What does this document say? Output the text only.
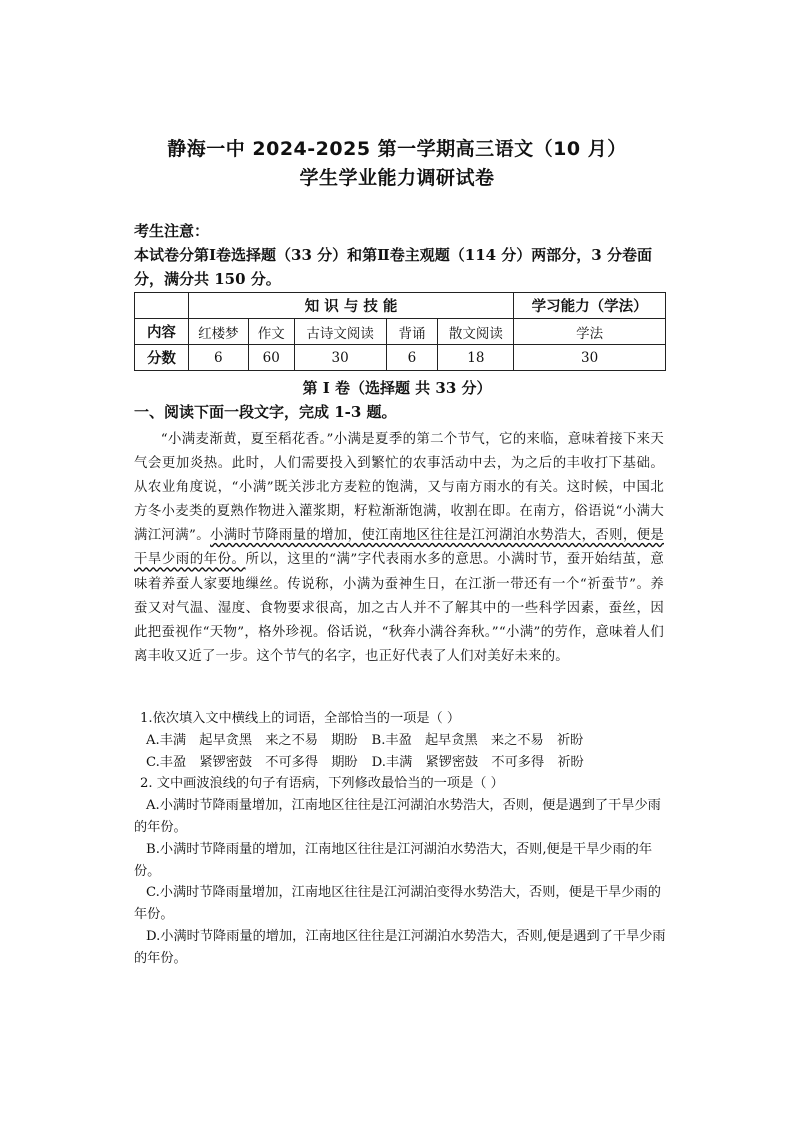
静海一中 2024-2025 第一学期高三语文（10 月）
学生学业能力调研试卷
考生注意：
本试卷分第Ⅰ卷选择题（33 分）和第Ⅱ卷主观题（114 分）两部分，3 分卷面分，满分共 150 分。
	知 识 与 技 能					学习能力（学法）
内容	红楼梦	作文	古诗文阅读	背诵	散文阅读	学法
分数	6	60	30	6	18	30
第 Ⅰ 卷（选择题 共 33 分）
一、阅读下面一段文字，完成 1-3 题。

“小满麦渐黄，夏至稻花香。”小满是夏季的第二个节气，它的来临，意味着接下来天气会更加炎热。此时，人们需要投入到繁忙的农事活动中去，为之后的丰收打下基础。从农业角度说，“小满”既关涉北方麦粒的饱满，又与南方雨水的有关。这时候，中国北方冬小麦类的夏熟作物进入灌浆期，籽粒渐渐饱满，收割在即。在南方，俗语说“小满大满江河满”。小满时节降雨量的增加，使江南地区往往是江河湖泊水势浩大，否则，便是干旱少雨的年份。所以，这里的“满”字代表雨水多的意思。小满时节，蚕开始结茧，意味着养蚕人家要地缫丝。传说称，小满为蚕神生日，在江浙一带还有一个“祈蚕节”。养蚕又对气温、湿度、食物要求很高，加之古人并不了解其中的一些科学因素，蚕丝，因此把蚕视作“天物”，格外珍视。俗话说，“秋奔小满谷奔秋。”“小满”的劳作，意味着人们离丰收又近了一步。这个节气的名字，也正好代表了人们对美好未来的。

1.依次填入文中横线上的词语，全部恰当的一项是（ ）
A.丰满　起早贪黑　来之不易　期盼 B.丰盈　起早贪黑　来之不易　祈盼
C.丰盈　紧锣密鼓　不可多得　期盼 D.丰满　紧锣密鼓　不可多得　祈盼
2. 文中画波浪线的句子有语病，下列修改最恰当的一项是（ ）
A.小满时节降雨量增加，江南地区往往是江河湖泊水势浩大，否则，便是遇到了干旱少雨的年份。
B.小满时节降雨量的增加，江南地区往往是江河湖泊水势浩大，否则,便是干旱少雨的年份。
C.小满时节降雨量增加，江南地区往往是江河湖泊变得水势浩大，否则，便是干旱少雨的年份。
D.小满时节降雨量的增加，江南地区往往是江河湖泊水势浩大，否则,便是遇到了干旱少雨的年份。
